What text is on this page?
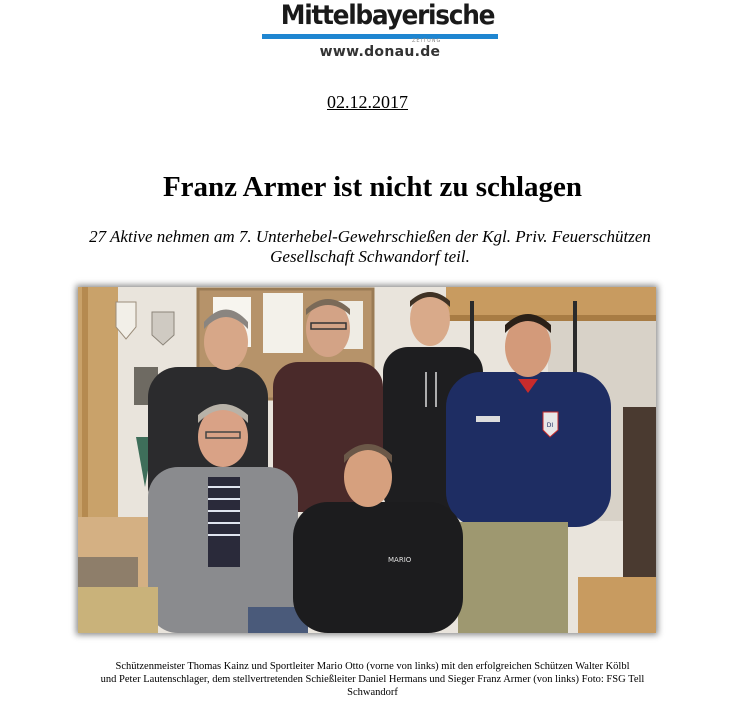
Mittelbayerische
ZEITUNG
www.donau.de
02.12.2017
Franz Armer ist nicht zu schlagen
27 Aktive nehmen am 7. Unterhebel-Gewehrschießen der Kgl. Priv. Feuerschützen
Gesellschaft Schwandorf teil.
DI
MARIO
Schützenmeister Thomas Kainz und Sportleiter Mario Otto (vorne von links) mit den erfolgreichen Schützen Walter Kölbl
und Peter Lautenschlager, dem stellvertretenden Schießleiter Daniel Hermans und Sieger Franz Armer (von links) Foto: FSG Tell
Schwandorf
